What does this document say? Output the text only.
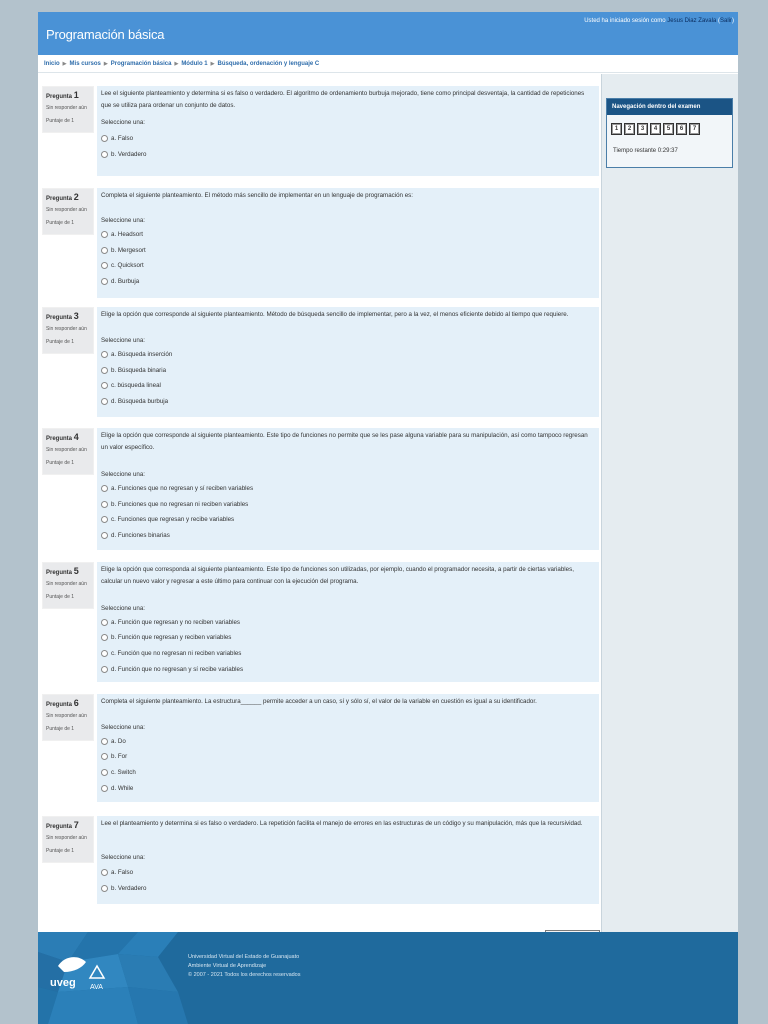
Programación básica
Usted ha iniciado sesión como Jesus Diaz Zavala (Salir)
Inicio ▶ Mis cursos ▶ Programación básica ▶ Módulo 1 ▶ Búsqueda, ordenación y lenguaje C
Pregunta 1
Sin responder aún
Puntaje de 1
Lee el siguiente planteamiento y determina si es falso o verdadero. El algoritmo de ordenamiento burbuja mejorado, tiene como principal desventaja, la cantidad de repeticiones que se utiliza para ordenar un conjunto de datos.
Seleccione una:
a. Falso
b. Verdadero
Pregunta 2
Sin responder aún
Puntaje de 1
Completa el siguiente planteamiento. El método más sencillo de implementar en un lenguaje de programación es:
Seleccione una:
a. Headsort
b. Mergesort
c. Quicksort
d. Burbuja
Pregunta 3
Sin responder aún
Puntaje de 1
Elige la opción que corresponde al siguiente planteamiento. Método de búsqueda sencillo de implementar, pero a la vez, el menos eficiente debido al tiempo que requiere.
Seleccione una:
a. Búsqueda inserción
b. Búsqueda binaria
c. búsqueda lineal
d. Búsqueda burbuja
Pregunta 4
Sin responder aún
Puntaje de 1
Elige la opción que corresponde al siguiente planteamiento. Este tipo de funciones no permite que se les pase alguna variable para su manipulación, así como tampoco regresan un valor específico.
Seleccione una:
a. Funciones que no regresan y sí reciben variables
b. Funciones que no regresan ni reciben variables
c. Funciones que regresan y recibe variables
d. Funciones binarias
Pregunta 5
Sin responder aún
Puntaje de 1
Elige la opción que corresponda al siguiente planteamiento. Este tipo de funciones son utilizadas, por ejemplo, cuando el programador necesita, a partir de ciertas variables, calcular un nuevo valor y regresar a este último para continuar con la ejecución del programa.
Seleccione una:
a. Función que regresan y no reciben variables
b. Función que regresan y reciben variables
c. Función que no regresan ni reciben variables
d. Función que no regresan y sí recibe variables
Pregunta 6
Sin responder aún
Puntaje de 1
Completa el siguiente planteamiento. La estructura______ permite acceder a un caso, sí y sólo sí, el valor de la variable en cuestión es igual a su identificador.
Seleccione una:
a. Do
b. For
c. Switch
d. While
Pregunta 7
Sin responder aún
Puntaje de 1
Lee el planteamiento y determina si es falso o verdadero. La repetición facilita el manejo de errores en las estructuras de un código y su manipulación, más que la recursividad.
Seleccione una:
a. Falso
b. Verdadero
Navegación dentro del examen
1	2	3	4	5	6	7
Tiempo restante 0:29:37
uveg AVA
Universidad Virtual del Estado de Guanajuato
Ambiente Virtual de Aprendizaje
© 2007 - 2021 Todos los derechos reservados
